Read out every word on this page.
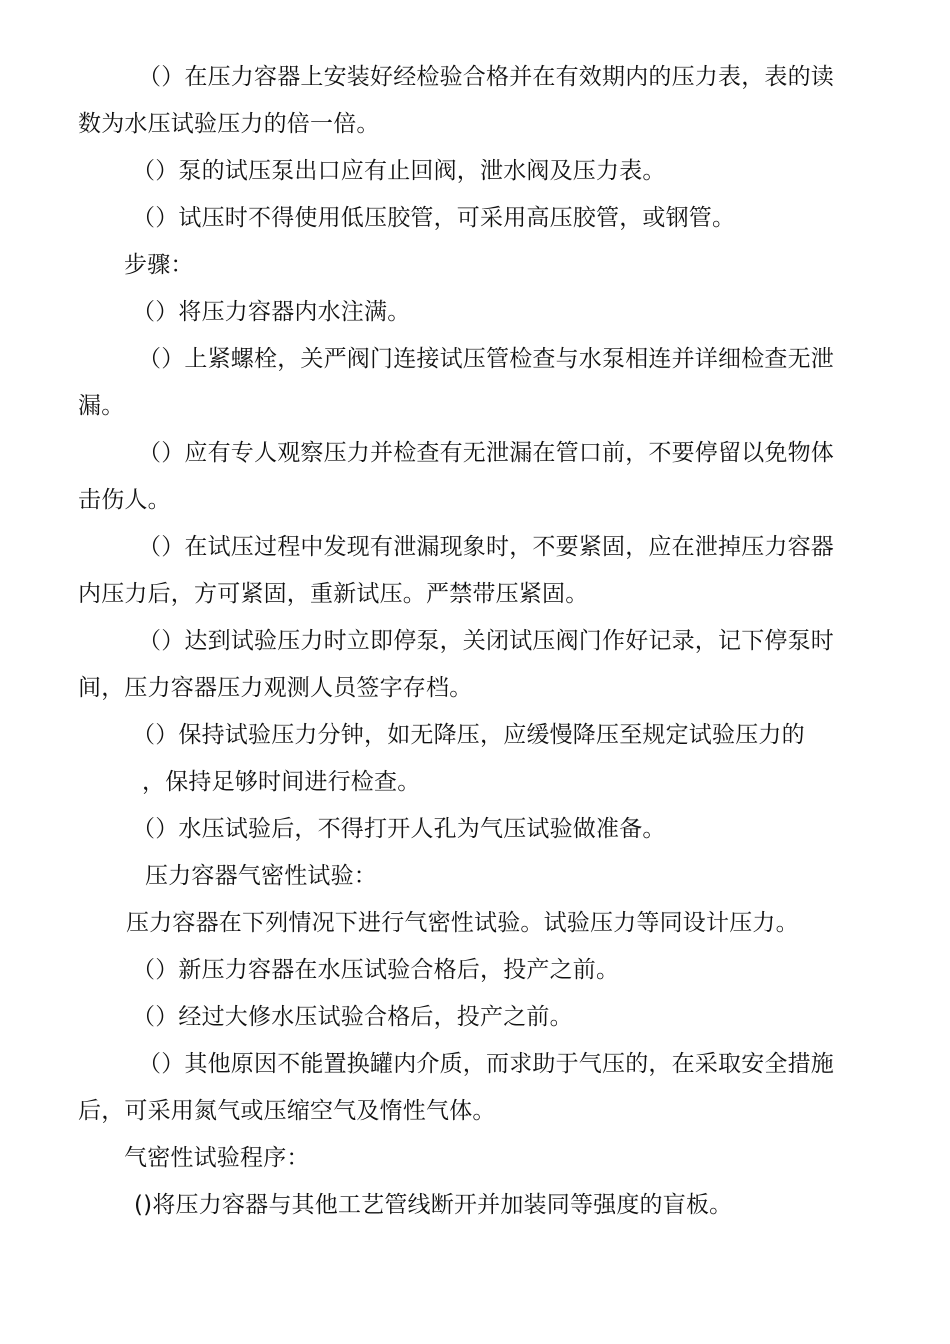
（）在压力容器上安装好经检验合格并在有效期内的压力表，表的读
数为水压试验压力的倍一倍。
（）泵的试压泵出口应有止回阀，泄水阀及压力表。
（）试压时不得使用低压胶管，可采用高压胶管，或钢管。
步骤：
（）将压力容器内水注满。
（）上紧螺栓，关严阀门连接试压管检查与水泵相连并详细检查无泄
漏。
（）应有专人观察压力并检查有无泄漏在管口前，不要停留以免物体
击伤人。
（）在试压过程中发现有泄漏现象时，不要紧固，应在泄掉压力容器
内压力后，方可紧固，重新试压。严禁带压紧固。
（）达到试验压力时立即停泵，关闭试压阀门作好记录，记下停泵时
间，压力容器压力观测人员签字存档。
（）保持试验压力分钟，如无降压，应缓慢降压至规定试验压力的
，保持足够时间进行检查。
（）水压试验后，不得打开人孔为气压试验做准备。
压力容器气密性试验：
压力容器在下列情况下进行气密性试验。试验压力等同设计压力。
（）新压力容器在水压试验合格后，投产之前。
（）经过大修水压试验合格后，投产之前。
（）其他原因不能置换罐内介质，而求助于气压的，在采取安全措施
后，可采用氮气或压缩空气及惰性气体。
气密性试验程序：
()将压力容器与其他工艺管线断开并加装同等强度的盲板。
